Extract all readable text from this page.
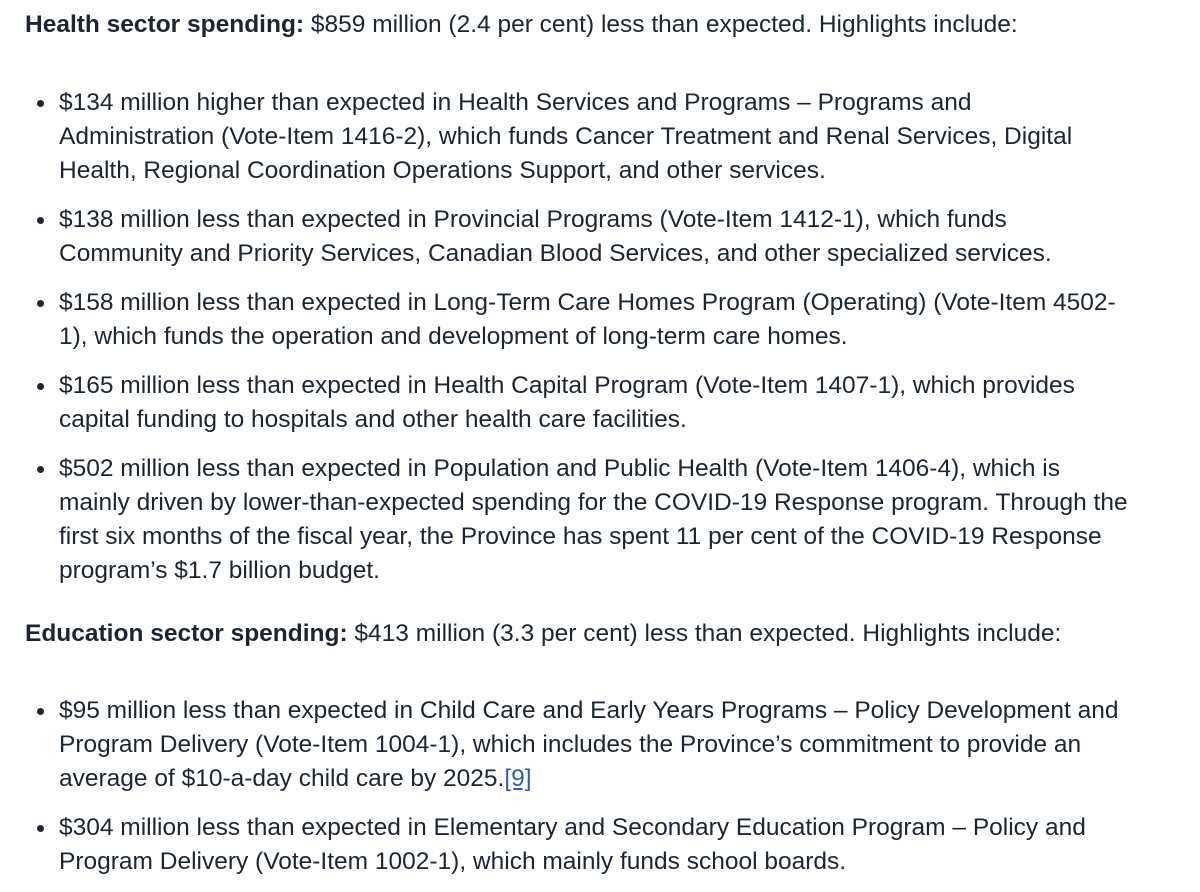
Health sector spending: $859 million (2.4 per cent) less than expected. Highlights include:

$134 million higher than expected in Health Services and Programs – Programs and
Administration (Vote-Item 1416-2), which funds Cancer Treatment and Renal Services, Digital
Health, Regional Coordination Operations Support, and other services.
$138 million less than expected in Provincial Programs (Vote-Item 1412-1), which funds
Community and Priority Services, Canadian Blood Services, and other specialized services.
$158 million less than expected in Long-Term Care Homes Program (Operating) (Vote-Item 4502-
1), which funds the operation and development of long-term care homes.
$165 million less than expected in Health Capital Program (Vote-Item 1407-1), which provides
capital funding to hospitals and other health care facilities.
$502 million less than expected in Population and Public Health (Vote-Item 1406-4), which is
mainly driven by lower-than-expected spending for the COVID-19 Response program. Through the
first six months of the fiscal year, the Province has spent 11 per cent of the COVID-19 Response
program’s $1.7 billion budget.

Education sector spending: $413 million (3.3 per cent) less than expected. Highlights include:

$95 million less than expected in Child Care and Early Years Programs – Policy Development and
Program Delivery (Vote-Item 1004-1), which includes the Province’s commitment to provide an
average of $10-a-day child care by 2025.[9]
$304 million less than expected in Elementary and Secondary Education Program – Policy and
Program Delivery (Vote-Item 1002-1), which mainly funds school boards.
